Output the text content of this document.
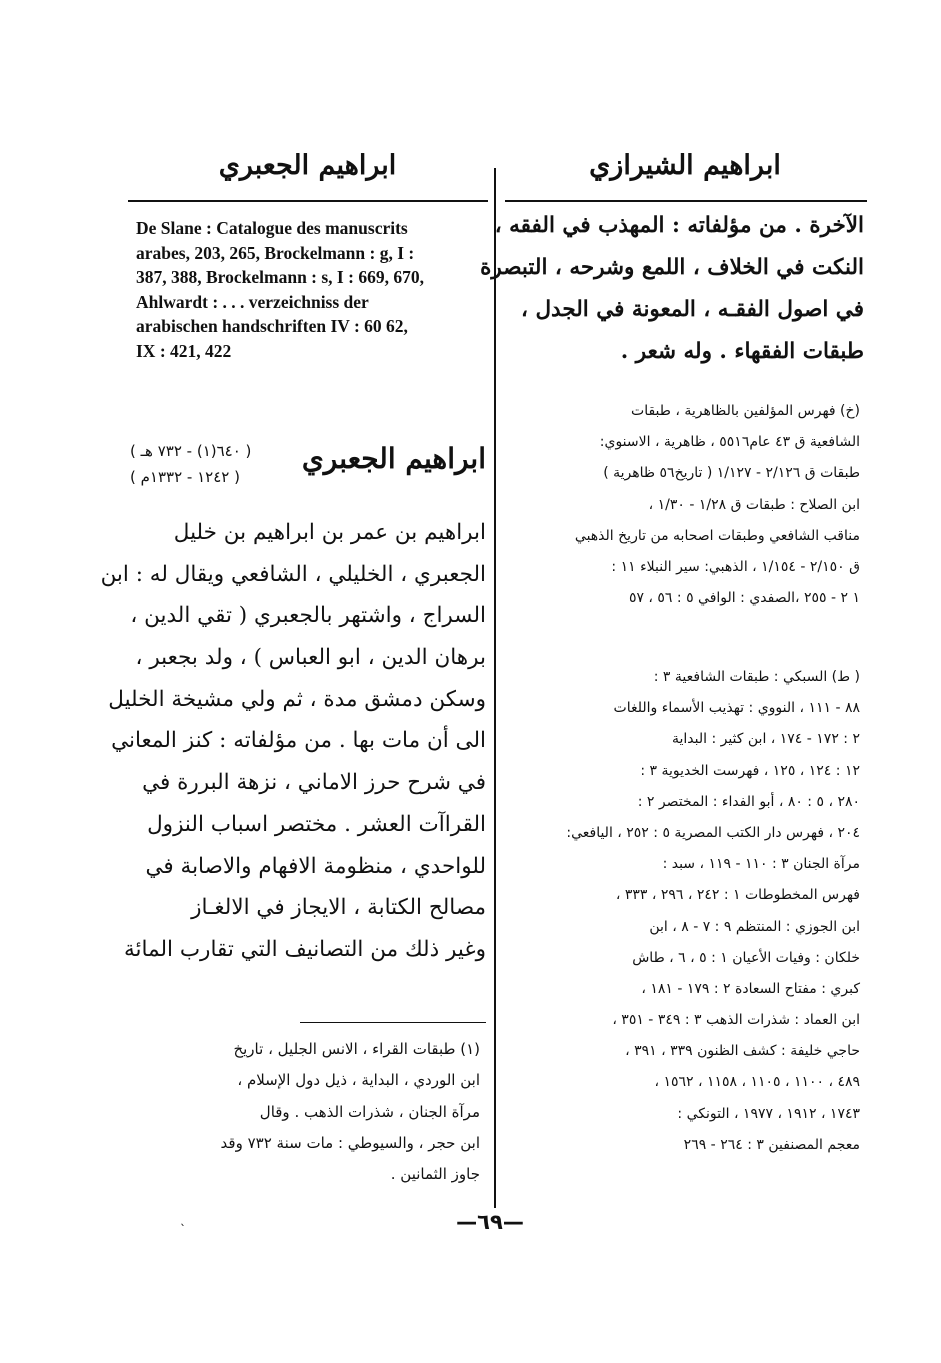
ابراهيم الجعبري	ابراهيم الشيرازي
De Slane : Catalogue des manuscrits
arabes, 203, 265, Brockelmann : g, I :
387, 388, Brockelmann : s, I : 669, 670,
Ahlwardt : . . . verzeichniss der
arabischen handschriften IV : 60 62,
IX : 421, 422
ابراهيم الجعبري
( ٦٤٠(١) - ٧٣٢ هـ )
( ١٢٤٢ - ١٣٣٢م )
ابراهيم بن عمر بن ابراهيم بن خليل
الجعبري ، الخليلي ، الشافعي ويقال له : ابن
السراج ، واشتهر بالجعبري ( تقي الدين ،
برهان الدين ، ابو العباس ) ، ولد بجعبر ،
وسكن دمشق مدة ، ثم ولي مشيخة الخليل
الى أن مات بها . من مؤلفاته : كنز المعاني
في شرح حرز الاماني ، نزهة البررة في
القراآت العشر . مختصر اسباب النزول
للواحدي ، منظومة الافهام والاصابة في
مصالح الكتابة ، الايجاز في الالغـاز
وغير ذلك من التصانيف التي تقارب المائة
(١) طبقات القراء ، الانس الجليل ، تاريخ
ابن الوردي ، البداية ، ذيل دول الإسلام ،
مرآة الجنان ، شذرات الذهب . وقال
ابن حجر ، والسيوطي : مات سنة ٧٣٢ وقد
جاوز الثمانين .
الآخرة . من مؤلفاته : المهذب في الفقه ،
النكت في الخلاف ، اللمع وشرحه ، التبصرة
في اصول الفقـه ، المعونة في الجدل ،
طبقات الفقهاء . وله شعر .
(خ) فهرس المؤلفين بالظاهرية ، طبقات
الشافعية ق ٤٣ عام٥٥١٦ ، ظاهرية ، الاسنوي:
طبقات ق ٢/١٢٦ - ١/١٢٧ ( تاريخ٥٦ ظاهرية )
ابن الصلاح : طبقات ق ١/٢٨ - ١/٣٠ ،
مناقب الشافعي وطبقات اصحابه من تاريخ الذهبي
ق ٢/١٥٠ - ١/١٥٤ ، الذهبي: سير النبلاء ١١ :
١ ٢ - ٢٥٥ ،الصفدي : الوافي ٥ : ٥٦ ، ٥٧
( ط) السبكي : طبقات الشافعية ٣ :
٨٨ - ١١١ ، النووي : تهذيب الأسماء واللغات
٢ : ١٧٢ - ١٧٤ ، ابن كثير : البداية
١٢ : ١٢٤ ، ١٢٥ ، فهرست الخديوية ٣ :
٢٨٠ ، ٥ : ٨٠ ، أبو الفداء : المختصر ٢ :
٢٠٤ ، فهرس دار الكتب المصرية ٥ : ٢٥٢ ، اليافعي:
مرآة الجنان ٣ : ١١٠ - ١١٩ ، سبد :
فهرس المخطوطات ١ : ٢٤٢ ، ٢٩٦ ، ٣٣٣ ،
ابن الجوزي : المنتظم ٩ : ٧ - ٨ ، ابن
خلكان : وفيات الأعيان ١ : ٥ ، ٦ ، طاش
كبري : مفتاح السعادة ٢ : ١٧٩ - ١٨١ ،
ابن العماد : شذرات الذهب ٣ : ٣٤٩ - ٣٥١ ،
حاجي خليفة : كشف الظنون ٣٣٩ ، ٣٩١ ،
٤٨٩ ، ١١٠٠ ، ١١٠٥ ، ١١٥٨ ، ١٥٦٢ ،
١٧٤٣ ، ١٩١٢ ، ١٩٧٧ ، التونكي :
معجم المصنفين ٣ : ٢٦٤ - ٢٦٩
—٦٩—
ˎ
